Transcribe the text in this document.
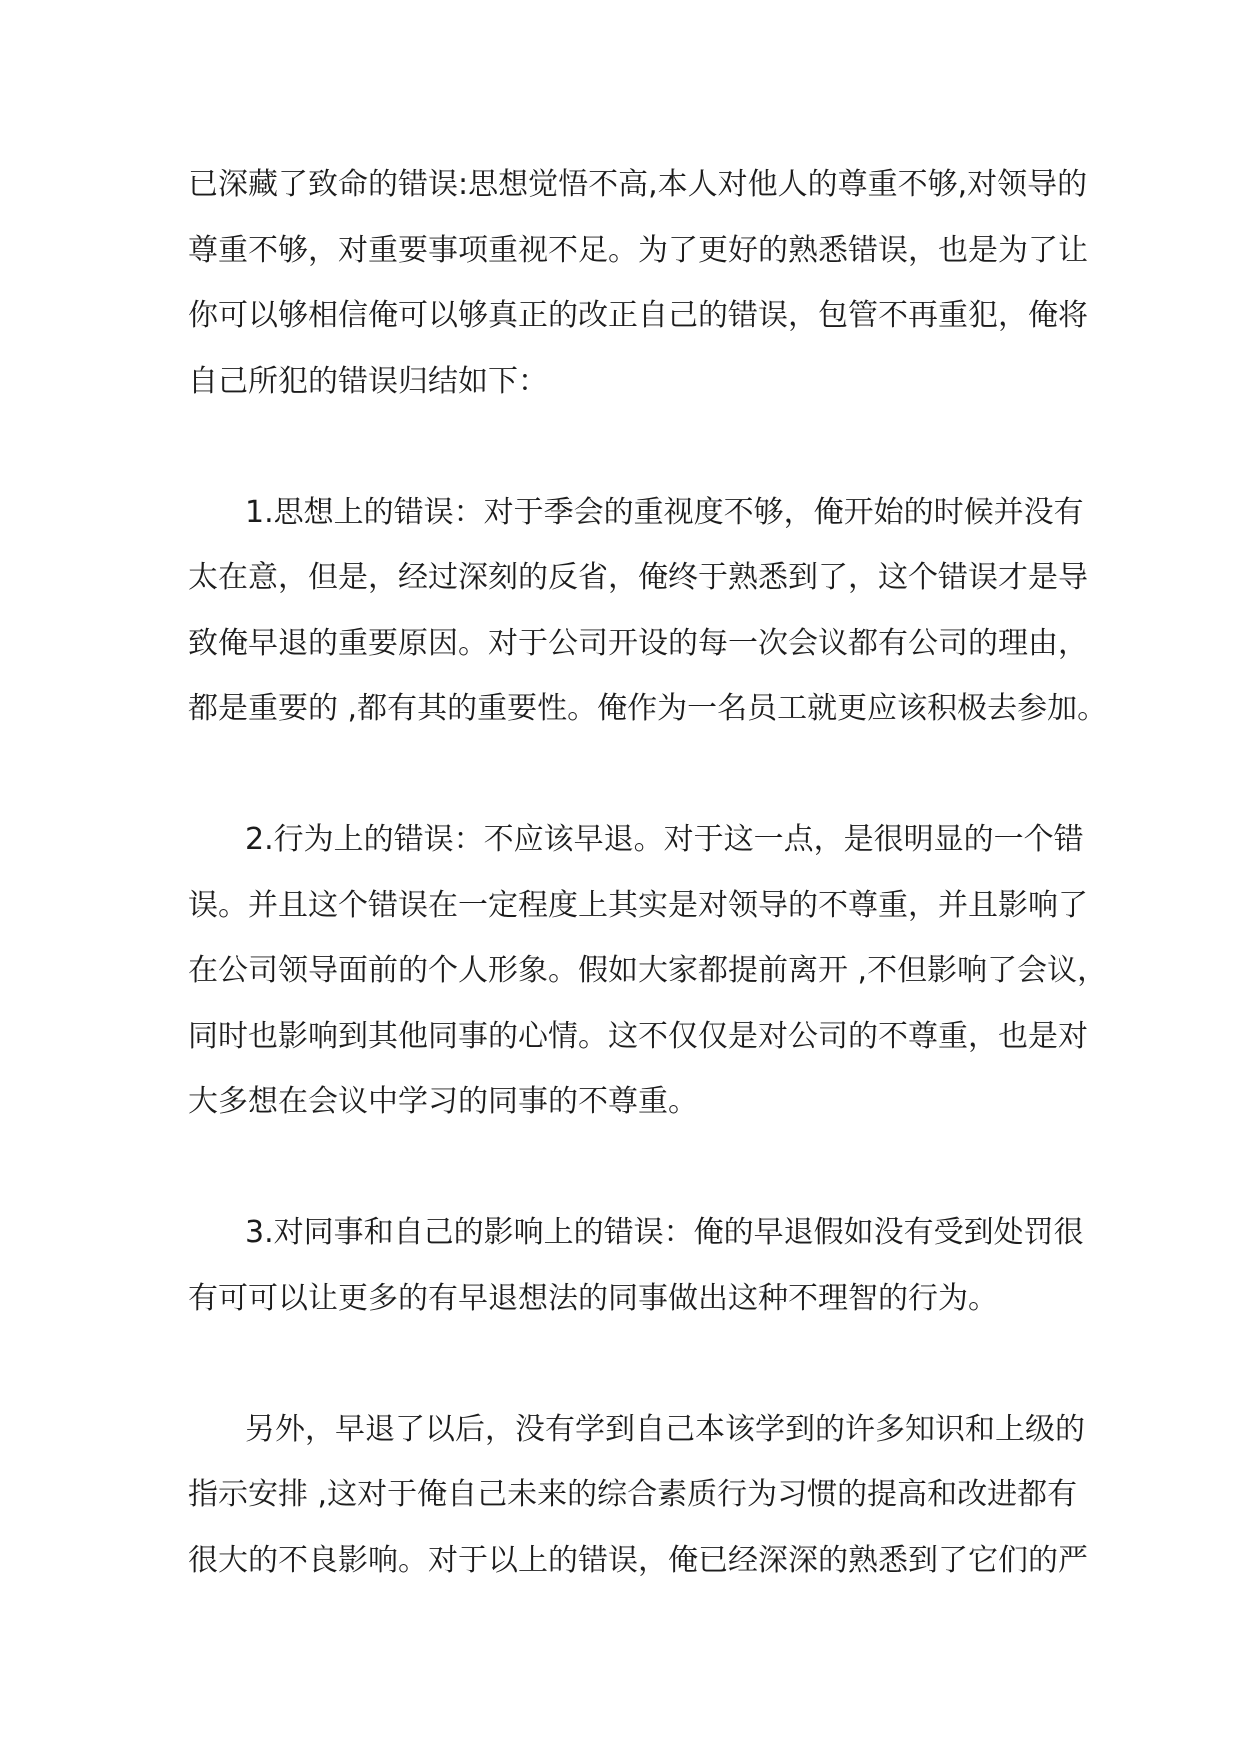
已深藏了致命的错误:思想觉悟不高,本人对他人的尊重不够,对领导的
尊重不够，对重要事项重视不足。为了更好的熟悉错误，也是为了让
你可以够相信俺可以够真正的改正自己的错误，包管不再重犯，俺将
自己所犯的错误归结如下：
1.思想上的错误：对于季会的重视度不够，俺开始的时候并没有
太在意，但是，经过深刻的反省，俺终于熟悉到了，这个错误才是导
致俺早退的重要原因。对于公司开设的每一次会议都有公司的理由，
都是重要的 ,都有其的重要性。俺作为一名员工就更应该积极去参加。
2.行为上的错误：不应该早退。对于这一点，是很明显的一个错
误。并且这个错误在一定程度上其实是对领导的不尊重，并且影响了
在公司领导面前的个人形象。假如大家都提前离开 ,不但影响了会议，
同时也影响到其他同事的心情。这不仅仅是对公司的不尊重，也是对
大多想在会议中学习的同事的不尊重。
3.对同事和自己的影响上的错误：俺的早退假如没有受到处罚很
有可可以让更多的有早退想法的同事做出这种不理智的行为。
另外，早退了以后，没有学到自己本该学到的许多知识和上级的
指示安排 ,这对于俺自己未来的综合素质行为习惯的提高和改进都有
很大的不良影响。对于以上的错误，俺已经深深的熟悉到了它们的严
